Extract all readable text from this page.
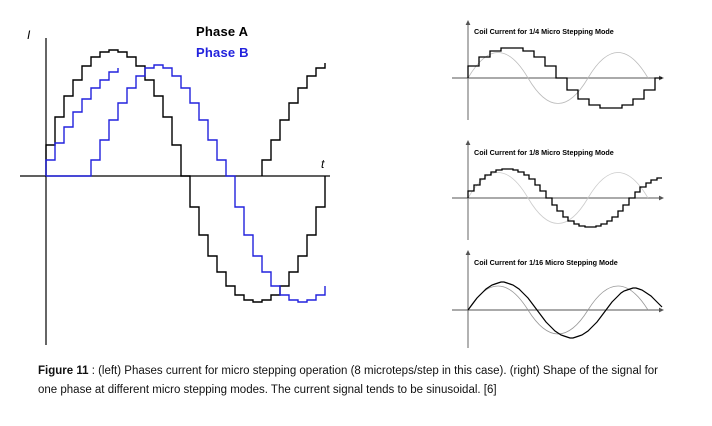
I
t
Phase A
Phase B
Coil Current for 1/4 Micro Stepping Mode
Coil Current for 1/8 Micro Stepping Mode
Coil Current for 1/16 Micro Stepping Mode
Figure 11 : (left) Phases current for micro stepping operation (8 microteps/step in this case). (right) Shape of the signal for one phase at different micro stepping modes. The current signal tends to be sinusoidal. [6]
